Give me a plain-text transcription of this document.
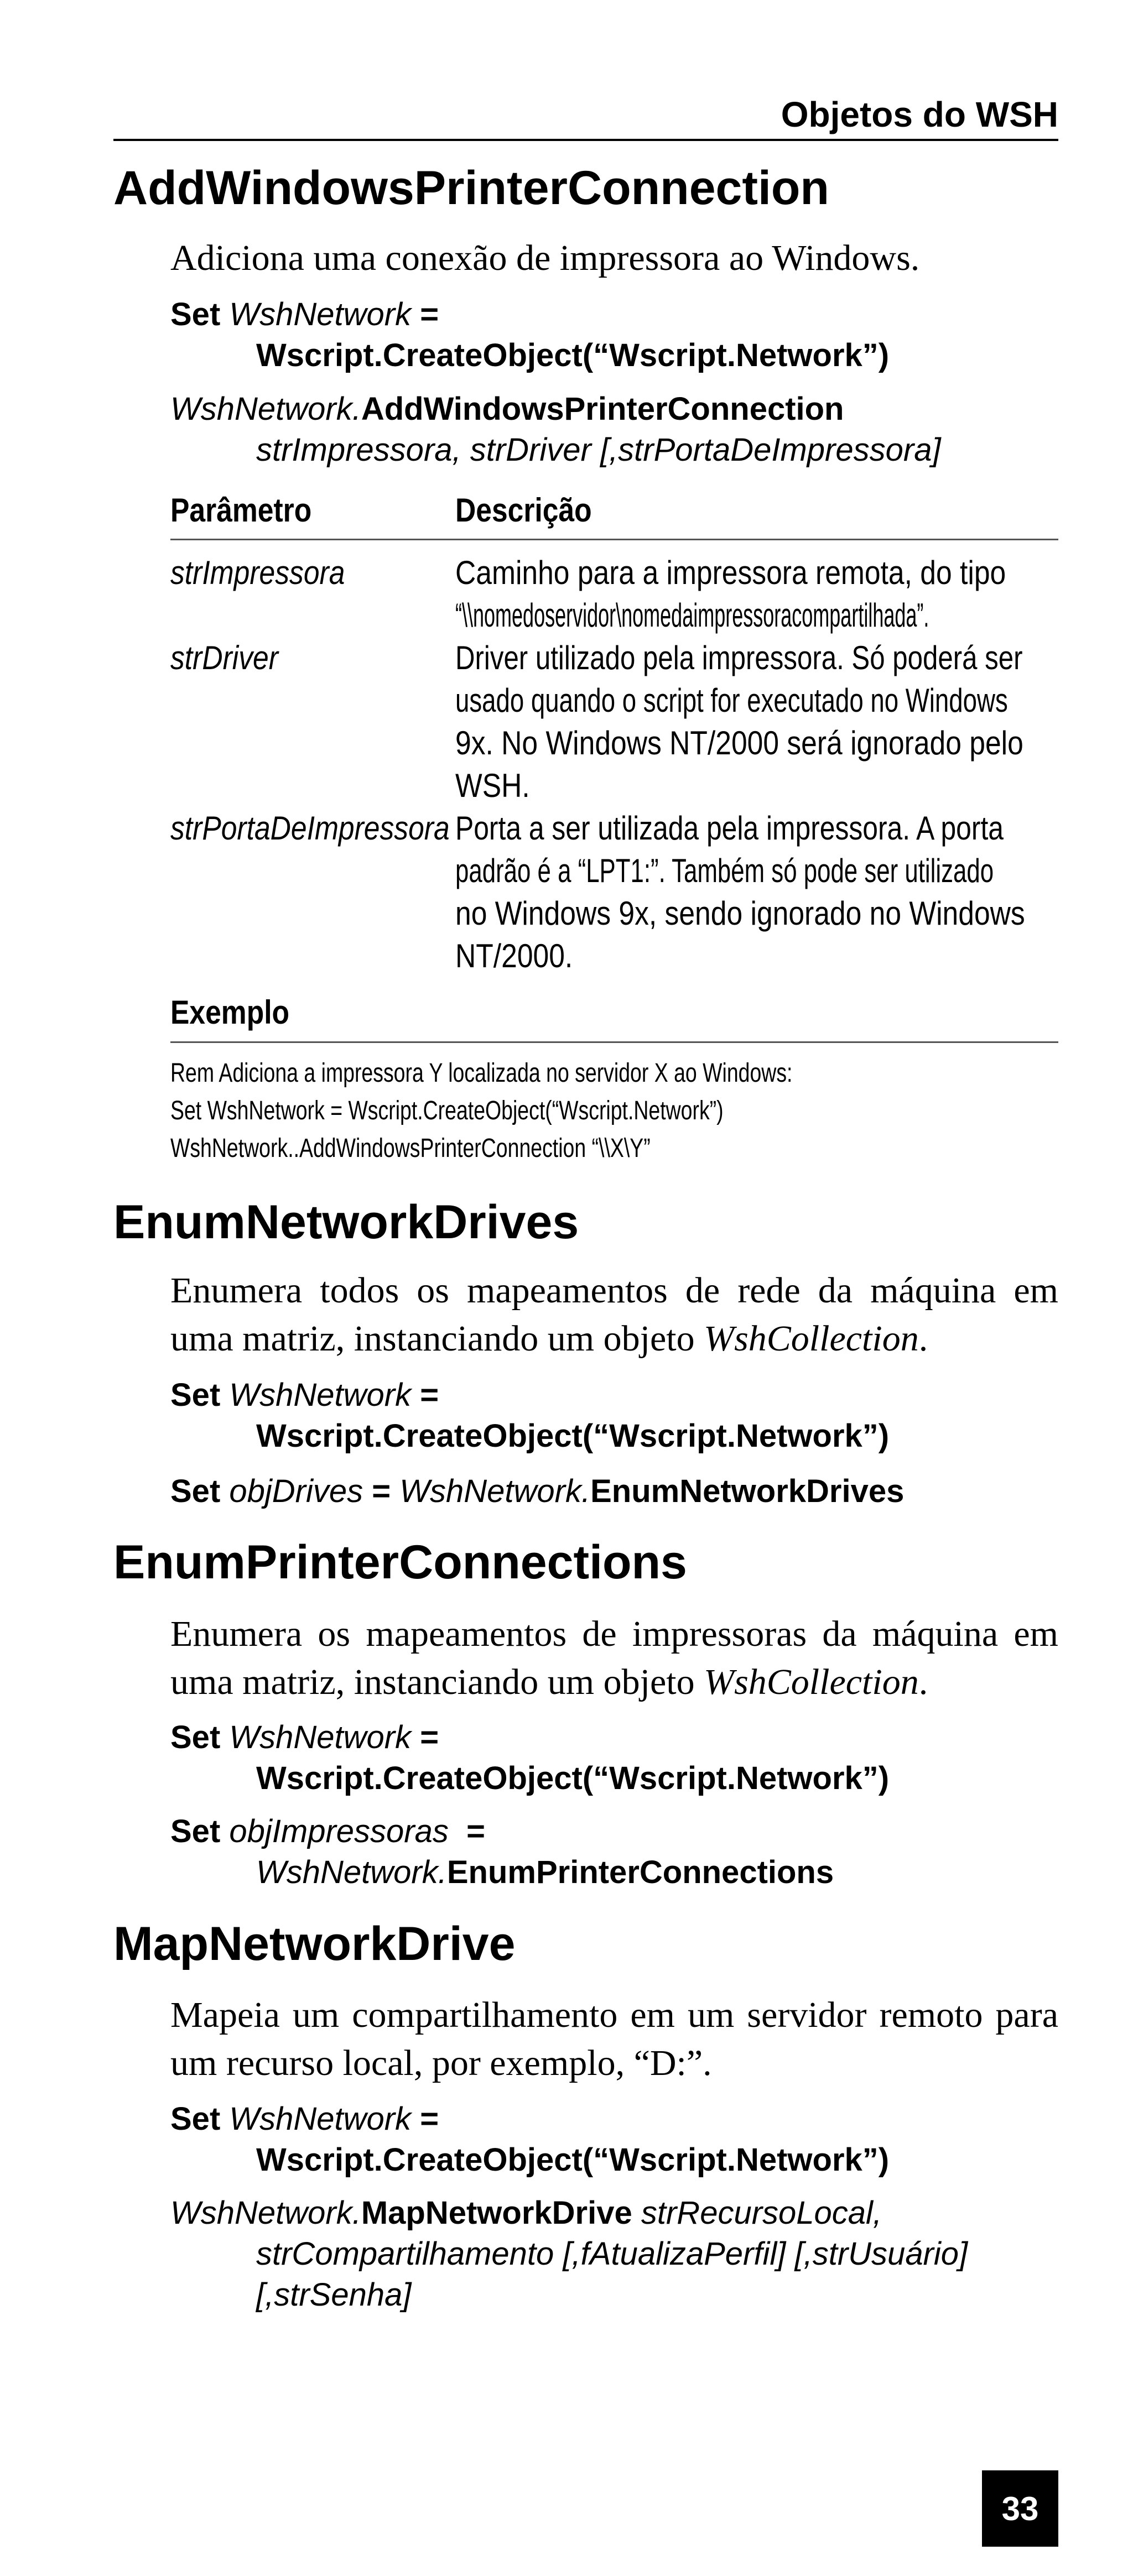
Objetos do WSH
AddWindowsPrinterConnection
Adiciona uma conexão de impressora ao Windows.
Set WshNetwork =
Wscript.CreateObject(“Wscript.Network”)
WshNetwork.AddWindowsPrinterConnection
strImpressora, strDriver [,strPortaDeImpressora]
Parâmetro	Descrição
strImpressora	Caminho para a impressora remota, do tipo
“\\nomedoservidor\nomedaimpressoracompartilhada”.
strDriver	Driver utilizado pela impressora. Só poderá ser
usado quando o script for executado no Windows
9x. No Windows NT/2000 será ignorado pelo
WSH.
strPortaDeImpressora Porta a ser utilizada pela impressora. A porta
padrão é a “LPT1:”. Também só pode ser utilizado
no Windows 9x, sendo ignorado no Windows
NT/2000.
Exemplo
Rem Adiciona a impressora Y localizada no servidor X ao Windows:
Set WshNetwork = Wscript.CreateObject(“Wscript.Network”)
WshNetwork..AddWindowsPrinterConnection “\\X\Y”
EnumNetworkDrives
Enumera todos os mapeamentos de rede da máquina em uma matriz, instanciando um objeto WshCollection.
Set WshNetwork =
Wscript.CreateObject(“Wscript.Network”)
Set objDrives = WshNetwork.EnumNetworkDrives
EnumPrinterConnections
Enumera os mapeamentos de impressoras da máquina em uma matriz, instanciando um objeto WshCollection.
Set WshNetwork =
Wscript.CreateObject(“Wscript.Network”)
Set objImpressoras =
WshNetwork.EnumPrinterConnections
MapNetworkDrive
Mapeia um compartilhamento em um servidor remoto para um recurso local, por exemplo, “D:”.
Set WshNetwork =
Wscript.CreateObject(“Wscript.Network”)
WshNetwork.MapNetworkDrive strRecursoLocal,
strCompartilhamento [,fAtualizaPerfil] [,strUsuário]
[,strSenha]
33
